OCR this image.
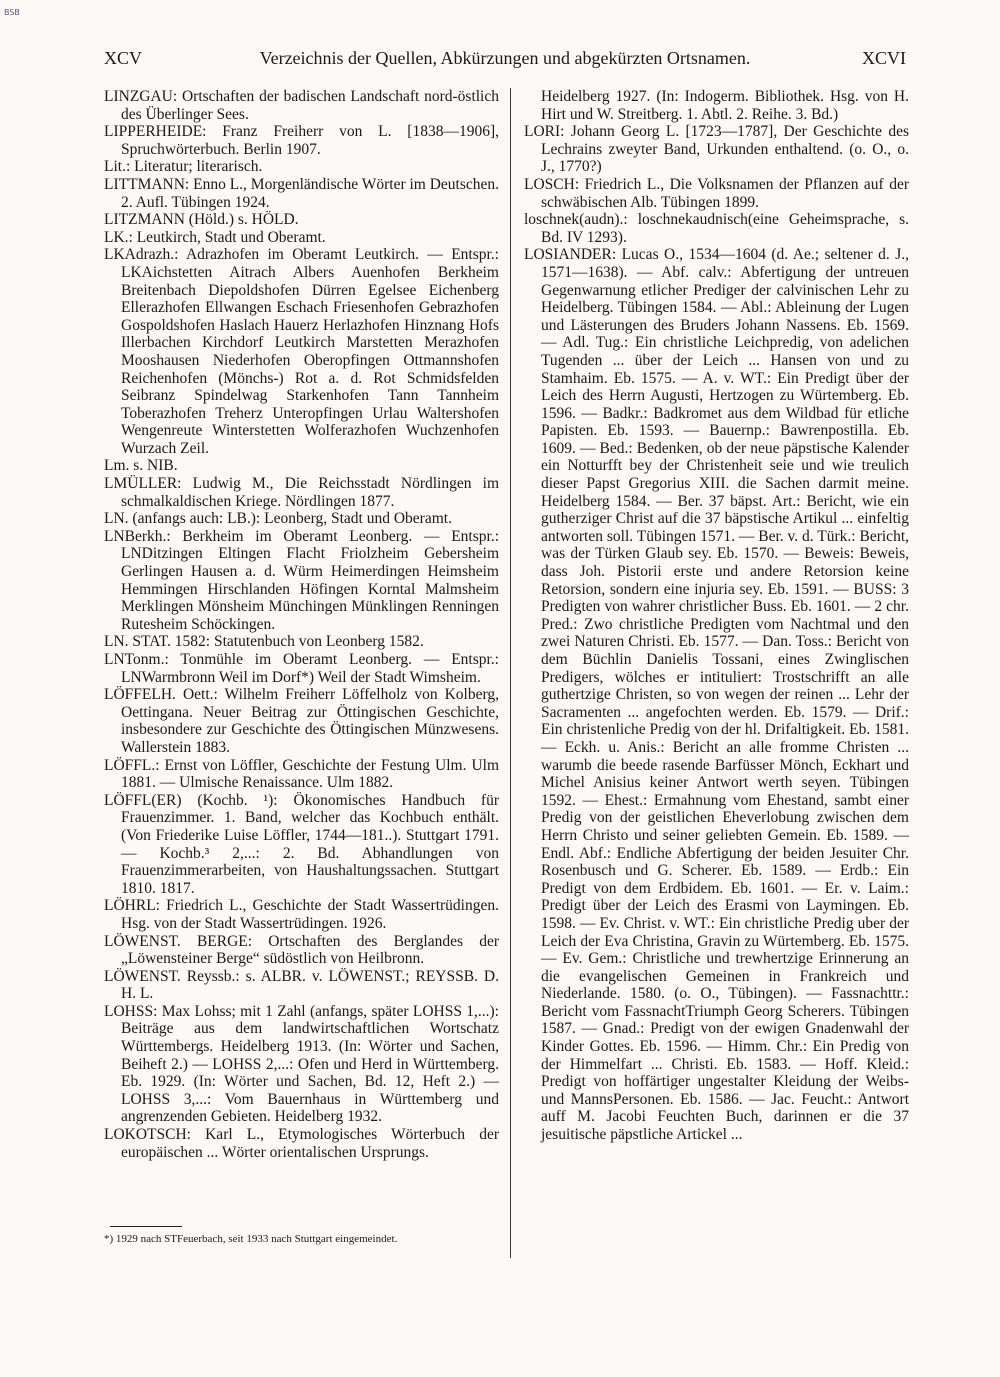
BSB
XCV	Verzeichnis der Quellen, Abkürzungen und abgekürzten Ortsnamen.	XCVI

LINZGAU: Ortschaften der badischen Landschaft nord-östlich des Überlinger Sees.

LIPPERHEIDE: Franz Freiherr von L. [1838—1906], Spruchwörterbuch. Berlin 1907.

Lit.: Literatur; literarisch.

LITTMANN: Enno L., Morgenländische Wörter im Deutschen. 2. Aufl. Tübingen 1924.

LITZMANN (Höld.) s. HÖLD.

LK.: Leutkirch, Stadt und Oberamt.

LKAdrazh.: Adrazhofen im Oberamt Leutkirch. — Entspr.: LKAichstetten Aitrach Albers Auenhofen Berkheim Breitenbach Diepoldshofen Dürren Egelsee Eichenberg Ellerazhofen Ellwangen Eschach Friesenhofen Gebrazhofen Gospoldshofen Haslach Hauerz Herlazhofen Hinznang Hofs Illerbachen Kirchdorf Leutkirch Marstetten Merazhofen Mooshausen Niederhofen Oberopfingen Ottmannshofen Reichenhofen (Mönchs-) Rot a. d. Rot Schmidsfelden Seibranz Spindelwag Starkenhofen Tann Tannheim Toberazhofen Treherz Unteropfingen Urlau Waltershofen Wengenreute Winterstetten Wolferazhofen Wuchzenhofen Wurzach Zeil.

Lm. s. NIB.

LMÜLLER: Ludwig M., Die Reichsstadt Nördlingen im schmalkaldischen Kriege. Nördlingen 1877.

LN. (anfangs auch: LB.): Leonberg, Stadt und Oberamt.

LNBerkh.: Berkheim im Oberamt Leonberg. — Entspr.: LNDitzingen Eltingen Flacht Friolzheim Gebersheim Gerlingen Hausen a. d. Würm Heimerdingen Heimsheim Hemmingen Hirschlanden Höfingen Korntal Malmsheim Merklingen Mönsheim Münchingen Münklingen Renningen Rutesheim Schöckingen.

LN. STAT. 1582: Statutenbuch von Leonberg 1582.

LNTonm.: Tonmühle im Oberamt Leonberg. — Entspr.: LNWarmbronn Weil im Dorf*) Weil der Stadt Wimsheim.

LÖFFELH. Oett.: Wilhelm Freiherr Löffelholz von Kolberg, Oettingana. Neuer Beitrag zur Öttingischen Geschichte, insbesondere zur Geschichte des Öttingischen Münzwesens. Wallerstein 1883.

LÖFFL.: Ernst von Löffler, Geschichte der Festung Ulm. Ulm 1881. — Ulmische Renaissance. Ulm 1882.

LÖFFL(ER) (Kochb. ¹): Ökonomisches Handbuch für Frauenzimmer. 1. Band, welcher das Kochbuch enthält. (Von Friederike Luise Löffler, 1744—181..). Stuttgart 1791. — Kochb.³ 2,...: 2. Bd. Abhandlungen von Frauenzimmerarbeiten, von Haushaltungssachen. Stuttgart 1810. 1817.

LÖHRL: Friedrich L., Geschichte der Stadt Wassertrüdingen. Hsg. von der Stadt Wassertrüdingen. 1926.

LÖWENST. BERGE: Ortschaften des Berglandes der „Löwensteiner Berge“ südöstlich von Heilbronn.

LÖWENST. Reyssb.: s. ALBR. v. LÖWENST.; REYSSB. D. H. L.

LOHSS: Max Lohss; mit 1 Zahl (anfangs, später LOHSS 1,...): Beiträge aus dem landwirtschaftlichen Wortschatz Württembergs. Heidelberg 1913. (In: Wörter und Sachen, Beiheft 2.) — LOHSS 2,...: Ofen und Herd in Württemberg. Eb. 1929. (In: Wörter und Sachen, Bd. 12, Heft 2.) — LOHSS 3,...: Vom Bauernhaus in Württemberg und angrenzenden Gebieten. Heidelberg 1932.

LOKOTSCH: Karl L., Etymologisches Wörterbuch der europäischen ... Wörter orientalischen Ursprungs.

Heidelberg 1927. (In: Indogerm. Bibliothek. Hsg. von H. Hirt und W. Streitberg. 1. Abtl. 2. Reihe. 3. Bd.)

LORI: Johann Georg L. [1723—1787], Der Geschichte des Lechrains zweyter Band, Urkunden enthaltend. (o. O., o. J., 1770?)

LOSCH: Friedrich L., Die Volksnamen der Pflanzen auf der schwäbischen Alb. Tübingen 1899.

loschnek(audn).: loschnekaudnisch(eine Geheimsprache, s. Bd. IV 1293).

LOSIANDER: Lucas O., 1534—1604 (d. Ae.; seltener d. J., 1571—1638). — Abf. calv.: Abfertigung der untreuen Gegenwarnung etlicher Prediger der calvinischen Lehr zu Heidelberg. Tübingen 1584. — Abl.: Ableinung der Lugen und Lästerungen des Bruders Johann Nassens. Eb. 1569. — Adl. Tug.: Ein christliche Leichpredig, von adelichen Tugenden ... über der Leich ... Hansen von und zu Stamhaim. Eb. 1575. — A. v. WT.: Ein Predigt über der Leich des Herrn Augusti, Hertzogen zu Würtemberg. Eb. 1596. — Badkr.: Badkromet aus dem Wildbad für etliche Papisten. Eb. 1593. — Bauernp.: Bawrenpostilla. Eb. 1609. — Bed.: Bedenken, ob der neue päpstische Kalender ein Notturfft bey der Christenheit seie und wie treulich dieser Papst Gregorius XIII. die Sachen darmit meine. Heidelberg 1584. — Ber. 37 bäpst. Art.: Bericht, wie ein gutherziger Christ auf die 37 bäpstische Artikul ... einfeltig antworten soll. Tübingen 1571. — Ber. v. d. Türk.: Bericht, was der Türken Glaub sey. Eb. 1570. — Beweis: Beweis, dass Joh. Pistorii erste und andere Retorsion keine Retorsion, sondern eine injuria sey. Eb. 1591. — BUSS: 3 Predigten von wahrer christlicher Buss. Eb. 1601. — 2 chr. Pred.: Zwo christliche Predigten vom Nachtmal und den zwei Naturen Christi. Eb. 1577. — Dan. Toss.: Bericht von dem Büchlin Danielis Tossani, eines Zwinglischen Predigers, wölches er intituliert: Trostschrifft an alle guthertzige Christen, so von wegen der reinen ... Lehr der Sacramenten ... angefochten werden. Eb. 1579. — Drif.: Ein christenliche Predig von der hl. Drifaltigkeit. Eb. 1581. — Eckh. u. Anis.: Bericht an alle fromme Christen ... warumb die beede rasende Barfüsser Mönch, Eckhart und Michel Anisius keiner Antwort werth seyen. Tübingen 1592. — Ehest.: Ermahnung vom Ehestand, sambt einer Predig von der geistlichen Eheverlobung zwischen dem Herrn Christo und seiner geliebten Gemein. Eb. 1589. — Endl. Abf.: Endliche Abfertigung der beiden Jesuiter Chr. Rosenbusch und G. Scherer. Eb. 1589. — Erdb.: Ein Predigt von dem Erdbidem. Eb. 1601. — Er. v. Laim.: Predigt über der Leich des Erasmi von Laymingen. Eb. 1598. — Ev. Christ. v. WT.: Ein christliche Predig uber der Leich der Eva Christina, Gravin zu Würtemberg. Eb. 1575. — Ev. Gem.: Christliche und trewhertzige Erinnerung an die evangelischen Gemeinen in Frankreich und Niederlande. 1580. (o. O., Tübingen). — Fassnachttr.: Bericht vom FassnachtTriumph Georg Scherers. Tübingen 1587. — Gnad.: Predigt von der ewigen Gnadenwahl der Kinder Gottes. Eb. 1596. — Himm. Chr.: Ein Predig von der Himmelfart ... Christi. Eb. 1583. — Hoff. Kleid.: Predigt von hoffärtiger ungestalter Kleidung der Weibs- und MannsPersonen. Eb. 1586. — Jac. Feucht.: Antwort auff M. Jacobi Feuchten Buch, darinnen er die 37 jesuitische päpstliche Artickel ...

*) 1929 nach STFeuerbach, seit 1933 nach Stuttgart eingemeindet.
